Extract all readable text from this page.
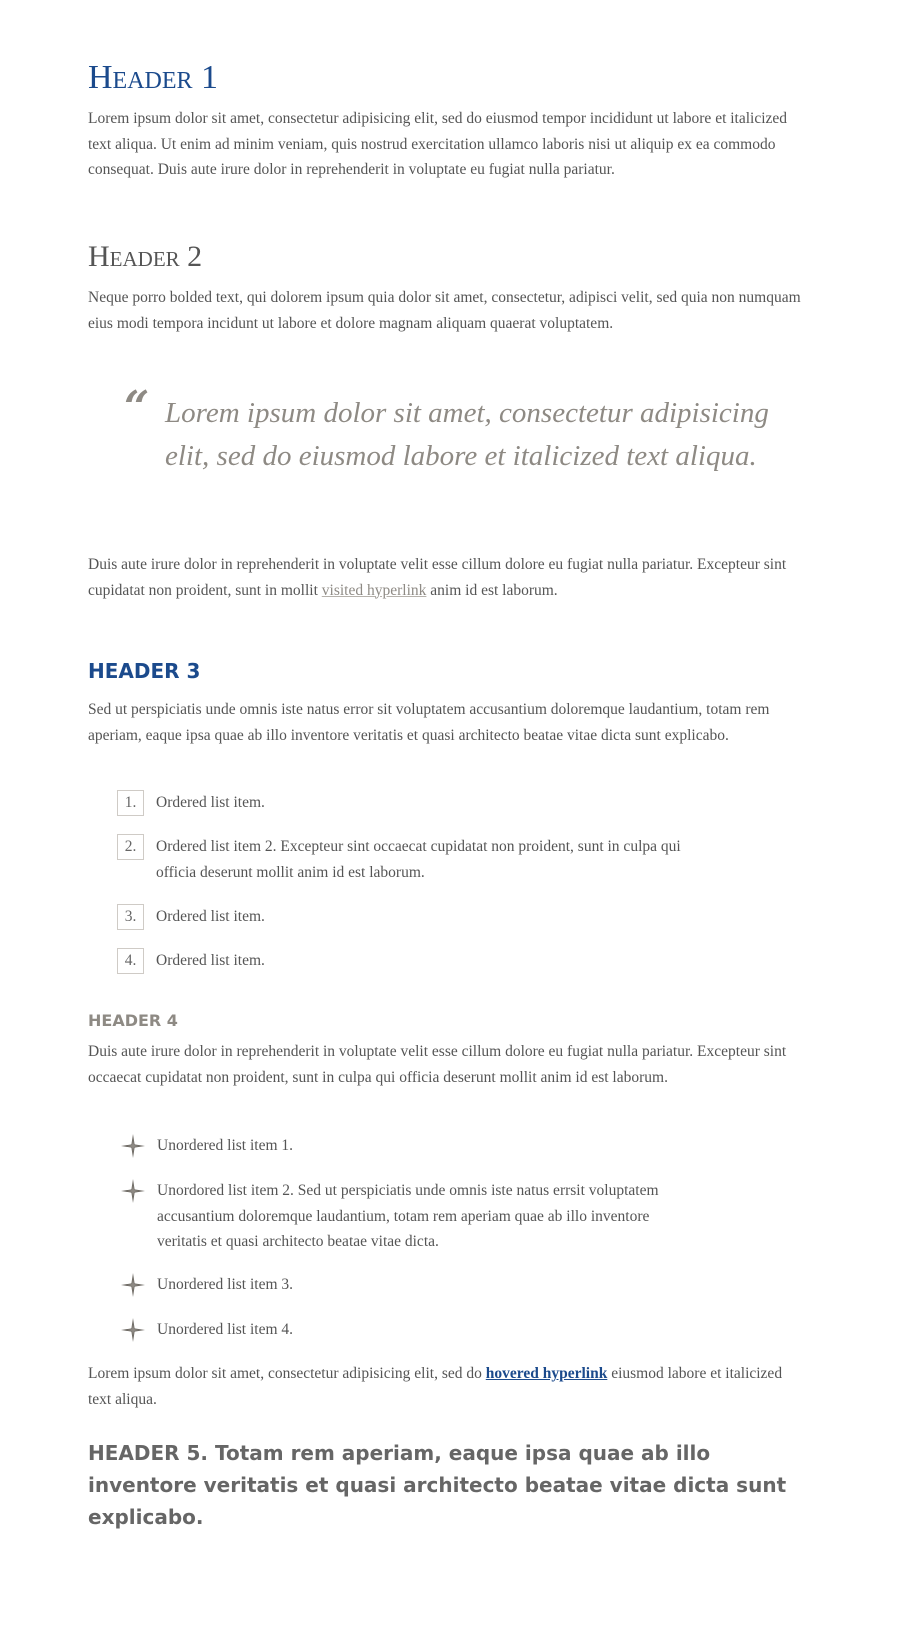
Header 1

Lorem ipsum dolor sit amet, consectetur adipisicing elit, sed do eiusmod tempor incididunt ut labore et italicized text aliqua. Ut enim ad minim veniam, quis nostrud exercitation ullamco laboris nisi ut aliquip ex ea commodo consequat. Duis aute irure dolor in reprehenderit in voluptate eu fugiat nulla pariatur.

Header 2

Neque porro bolded text, qui dolorem ipsum quia dolor sit amet, consectetur, adipisci velit, sed quia non numquam eius modi tempora incidunt ut labore et dolore magnam aliquam quaerat voluptatem.

“ Lorem ipsum dolor sit amet, consectetur adipisicing elit, sed do eiusmod labore et italicized text aliqua.

Duis aute irure dolor in reprehenderit in voluptate velit esse cillum dolore eu fugiat nulla pariatur. Excepteur sint cupidatat non proident, sunt in mollit visited hyperlink anim id est laborum.

HEADER 3

Sed ut perspiciatis unde omnis iste natus error sit voluptatem accusantium doloremque laudantium, totam rem aperiam, eaque ipsa quae ab illo inventore veritatis et quasi architecto beatae vitae dicta sunt explicabo.

1.	Ordered list item.
2.	Ordered list item 2. Excepteur sint occaecat cupidatat non proident, sunt in culpa qui officia deserunt mollit anim id est laborum.
3.	Ordered list item.
4.	Ordered list item.
HEADER 4

Duis aute irure dolor in reprehenderit in voluptate velit esse cillum dolore eu fugiat nulla pariatur. Excepteur sint occaecat cupidatat non proident, sunt in culpa qui officia deserunt mollit anim id est laborum.

Unordered list item 1.
Unordored list item 2. Sed ut perspiciatis unde omnis iste natus errsit voluptatem accusantium doloremque laudantium, totam rem aperiam quae ab illo inventore veritatis et quasi architecto beatae vitae dicta.
Unordered list item 3.
Unordered list item 4.

Lorem ipsum dolor sit amet, consectetur adipisicing elit, sed do hovered hyperlink eiusmod labore et italicized text aliqua.

HEADER 5. Totam rem aperiam, eaque ipsa quae ab illo inventore veritatis et quasi architecto beatae vitae dicta sunt explicabo.
